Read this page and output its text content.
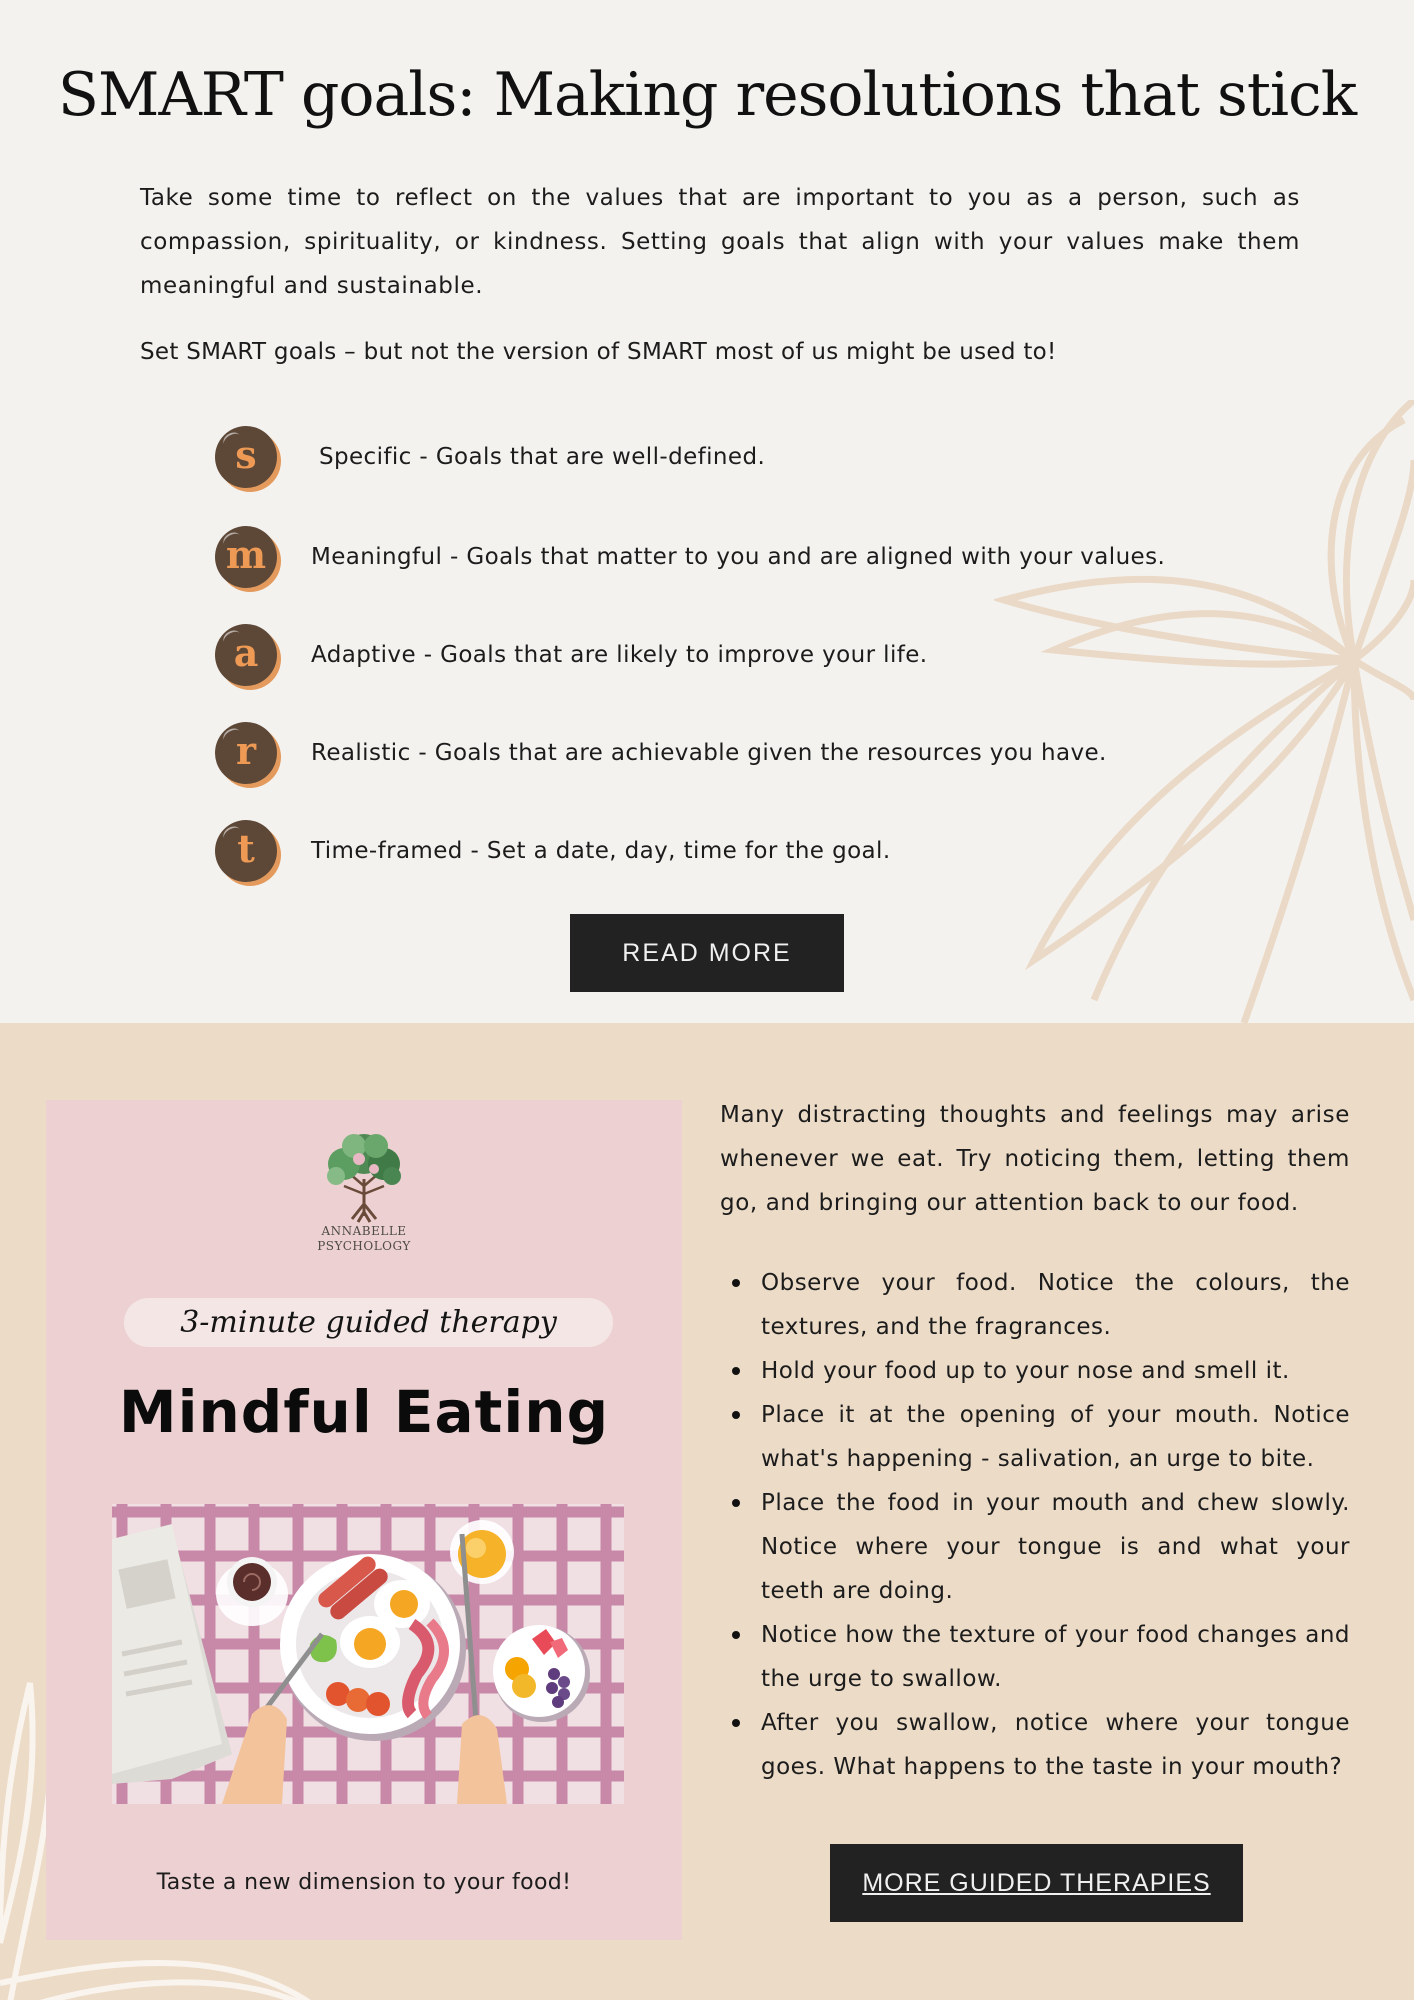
SMART goals: Making resolutions that stick

Take some time to reflect on the values that are important to you as a person, such as compassion, spirituality, or kindness. Setting goals that align with your values make them meaningful and sustainable.

Set SMART goals – but not the version of SMART most of us might be used to!

s	Specific - Goals that are well-defined.
m Meaningful - Goals that matter to you and are aligned with your values.
a Adaptive - Goals that are likely to improve your life.
r Realistic - Goals that are achievable given the resources you have.
t Time-framed - Set a date, day, time for the goal.
READ MORE
ANNABELLE
PSYCHOLOGY
3-minute guided therapy
Mindful Eating
Taste a new dimension to your food!

Many distracting thoughts and feelings may arise whenever we eat. Try noticing them, letting them go, and bringing our attention back to our food.

Observe your food. Notice the colours, the textures, and the fragrances.
Hold your food up to your nose and smell it.
Place it at the opening of your mouth. Notice what's happening - salivation, an urge to bite.
Place the food in your mouth and chew slowly. Notice where your tongue is and what your teeth are doing.
Notice how the texture of your food changes and the urge to swallow.
After you swallow, notice where your tongue goes. What happens to the taste in your mouth?
MORE GUIDED THERAPIES
